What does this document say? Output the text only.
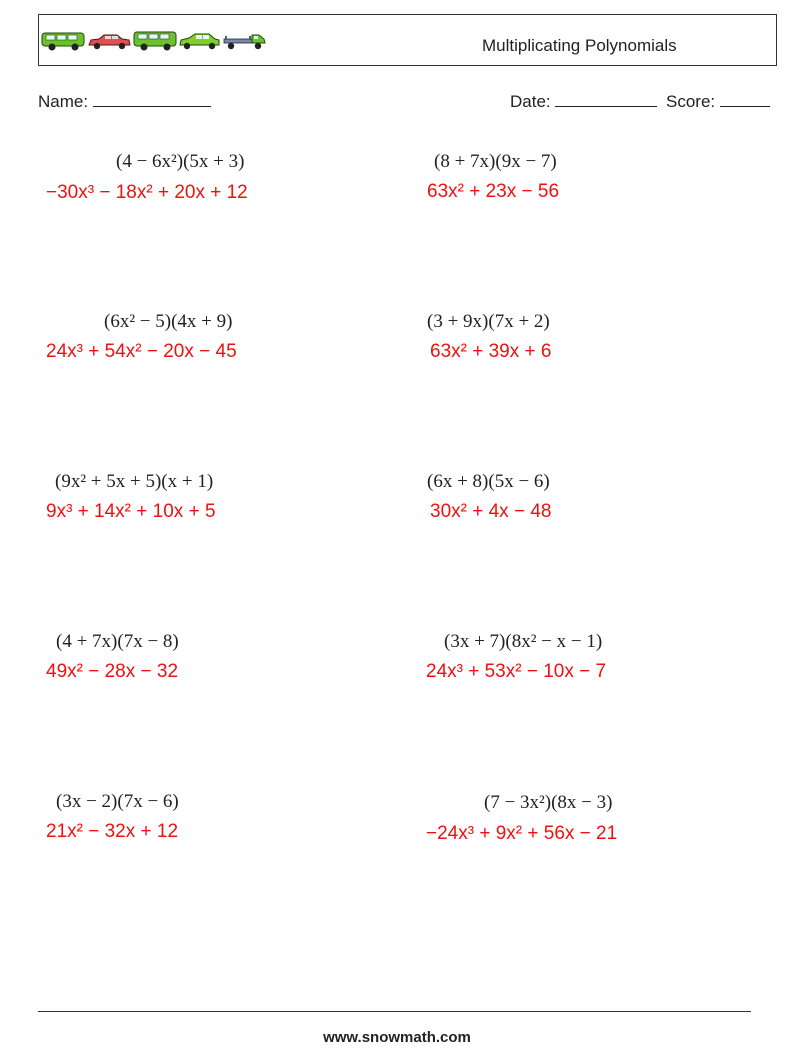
Multiplicating Polynomials
Name:	Date:	Score:
(4 − 6x²)(5x + 3)
−30x³ − 18x² + 20x + 12
(8 + 7x)(9x − 7)
63x² + 23x − 56
(6x² − 5)(4x + 9)
24x³ + 54x² − 20x − 45
(3 + 9x)(7x + 2)
63x² + 39x + 6
(9x² + 5x + 5)(x + 1)
9x³ + 14x² + 10x + 5
(6x + 8)(5x − 6)
30x² + 4x − 48
(4 + 7x)(7x − 8)
49x² − 28x − 32
(3x + 7)(8x² − x − 1)
24x³ + 53x² − 10x − 7
(3x − 2)(7x − 6)
21x² − 32x + 12
(7 − 3x²)(8x − 3)
−24x³ + 9x² + 56x − 21
www.snowmath.com
